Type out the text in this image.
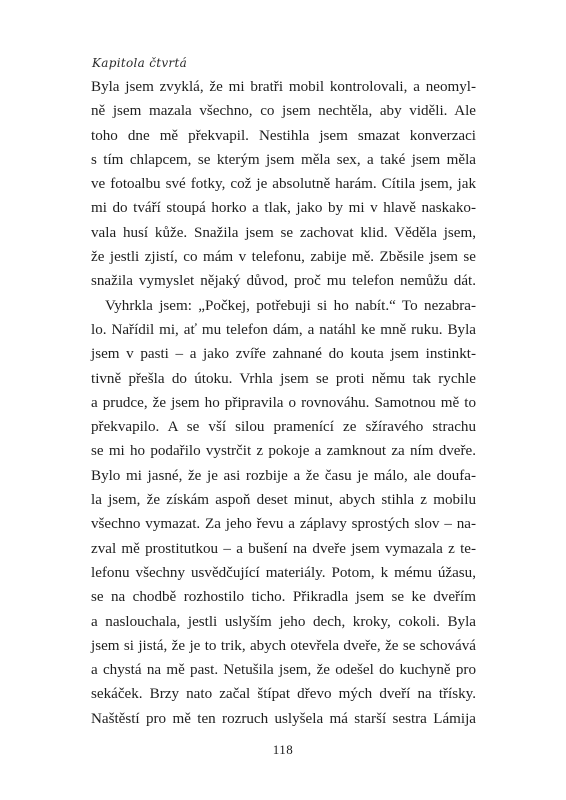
Kapitola čtvrtá

Byla jsem zvyklá, že mi bratři mobil kontrolovali, a neomyl-
ně jsem mazala všechno, co jsem nechtěla, aby viděli. Ale
toho dne mě překvapil. Nestihla jsem smazat konverzaci
s tím chlapcem, se kterým jsem měla sex, a také jsem měla
ve fotoalbu své fotky, což je absolutně harám. Cítila jsem, jak
mi do tváří stoupá horko a tlak, jako by mi v hlavě naskako-
vala husí kůže. Snažila jsem se zachovat klid. Věděla jsem,
že jestli zjistí, co mám v telefonu, zabije mě. Zběsile jsem se
snažila vymyslet nějaký důvod, proč mu telefon nemůžu dát.

Vyhrkla jsem: „Počkej, potřebuji si ho nabít.“ To nezabra-
lo. Nařídil mi, ať mu telefon dám, a natáhl ke mně ruku. Byla
jsem v pasti – a jako zvíře zahnané do kouta jsem instinkt-
tivně přešla do útoku. Vrhla jsem se proti němu tak rychle
a prudce, že jsem ho připravila o rovnováhu. Samotnou mě to
překvapilo. A se vší silou pramenící ze sžíravého strachu
se mi ho podařilo vystrčit z pokoje a zamknout za ním dveře.
Bylo mi jasné, že je asi rozbije a že času je málo, ale doufa-
la jsem, že získám aspoň deset minut, abych stihla z mobilu
všechno vymazat. Za jeho řevu a záplavy sprostých slov – na-
zval mě prostitutkou – a bušení na dveře jsem vymazala z te-
lefonu všechny usvědčující materiály. Potom, k mému úžasu,
se na chodbě rozhostilo ticho. Přikradla jsem se ke dveřím
a naslouchala, jestli uslyším jeho dech, kroky, cokoli. Byla
jsem si jistá, že je to trik, abych otevřela dveře, že se schovává
a chystá na mě past. Netušila jsem, že odešel do kuchyně pro
sekáček. Brzy nato začal štípat dřevo mých dveří na třísky.
Naštěstí pro mě ten rozruch uslyšela má starší sestra Lámija

118
